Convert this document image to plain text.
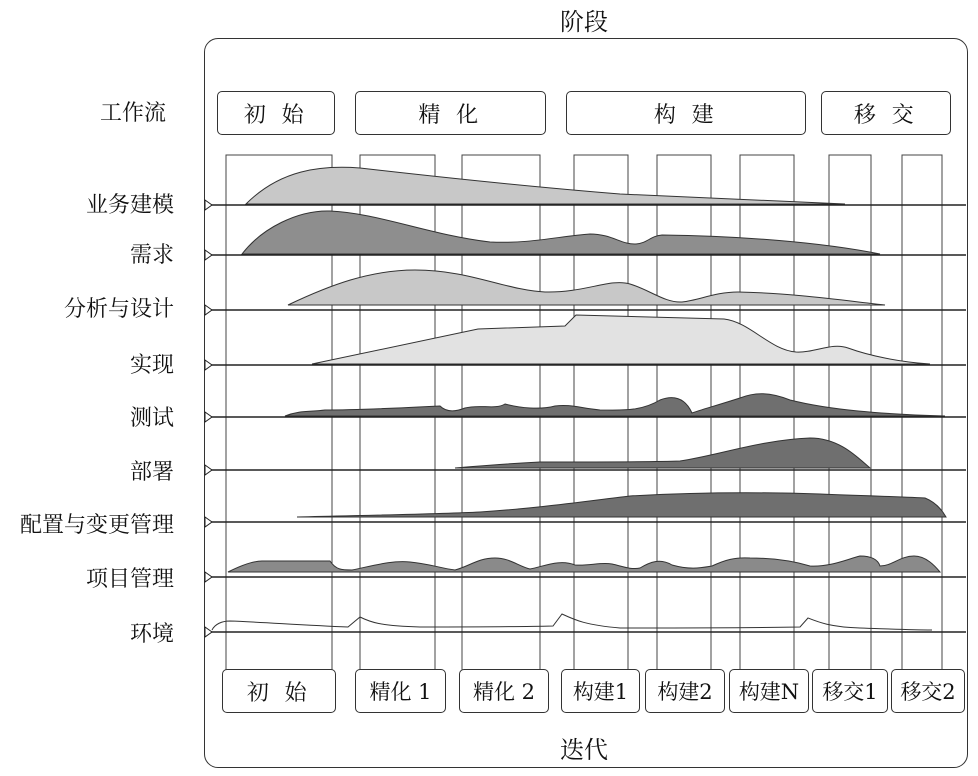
阶段
工作流	初 始	精 化	构 建	移 交
业务建模
需求
分析与设计
实现
测试
部署
配置与变更管理
项目管理
环境
初 始	精化 1	精化 2	构建1	构建2	构建N	移交1	移交2
迭代
